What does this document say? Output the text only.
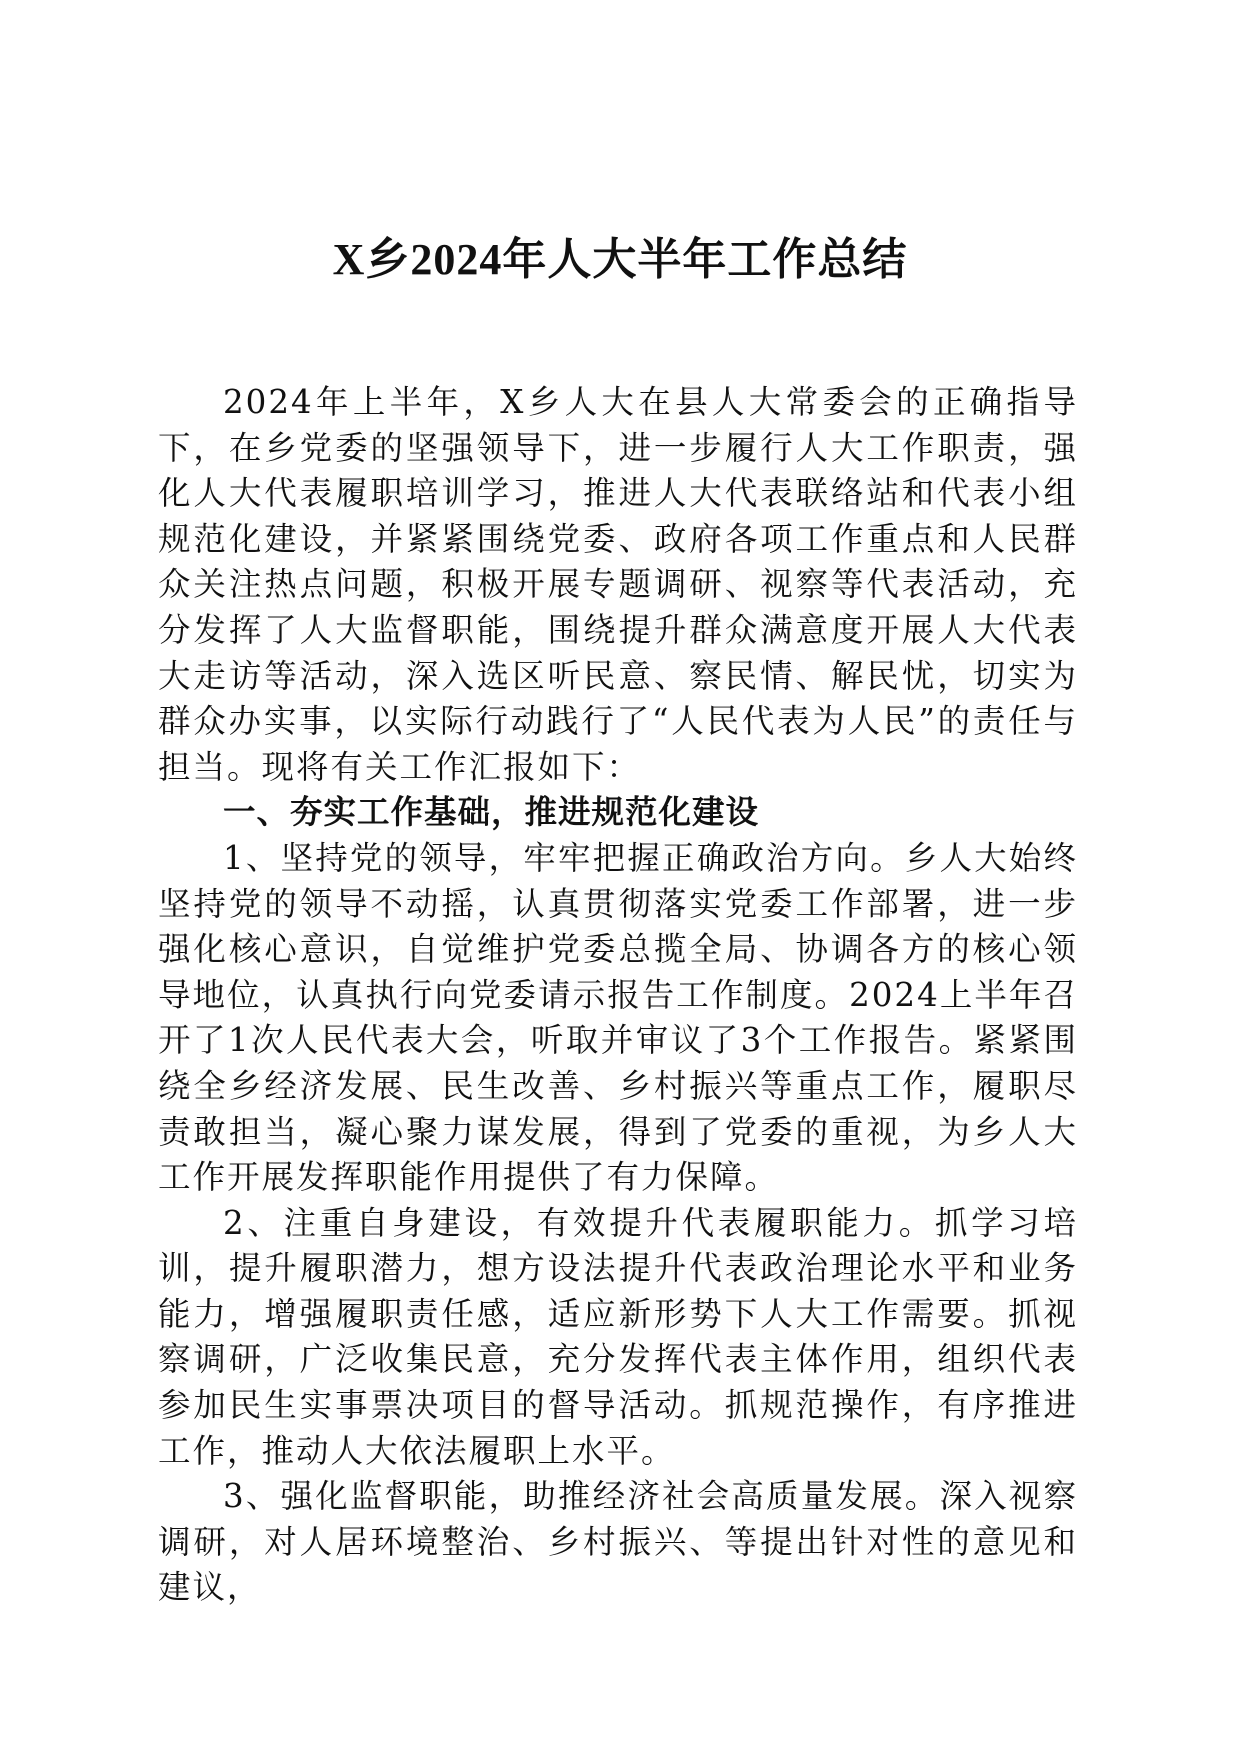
X乡2024年人大半年工作总结

2024年上半年，X乡人大在县人大常委会的正确指导下，在乡党委的坚强领导下，进一步履行人大工作职责，强化人大代表履职培训学习，推进人大代表联络站和代表小组规范化建设，并紧紧围绕党委、政府各项工作重点和人民群众关注热点问题，积极开展专题调研、视察等代表活动，充分发挥了人大监督职能，围绕提升群众满意度开展人大代表大走访等活动，深入选区听民意、察民情、解民忧，切实为群众办实事，以实际行动践行了“人民代表为人民”的责任与担当。现将有关工作汇报如下：

一、夯实工作基础，推进规范化建设

1、坚持党的领导，牢牢把握正确政治方向。乡人大始终坚持党的领导不动摇，认真贯彻落实党委工作部署，进一步强化核心意识，自觉维护党委总揽全局、协调各方的核心领导地位，认真执行向党委请示报告工作制度。2024上半年召开了1次人民代表大会，听取并审议了3个工作报告。紧紧围绕全乡经济发展、民生改善、乡村振兴等重点工作，履职尽责敢担当，凝心聚力谋发展，得到了党委的重视，为乡人大工作开展发挥职能作用提供了有力保障。

2、注重自身建设，有效提升代表履职能力。抓学习培训，提升履职潜力，想方设法提升代表政治理论水平和业务能力，增强履职责任感，适应新形势下人大工作需要。抓视察调研，广泛收集民意，充分发挥代表主体作用，组织代表参加民生实事票决项目的督导活动。抓规范操作，有序推进工作，推动人大依法履职上水平。

3、强化监督职能，助推经济社会高质量发展。深入视察调研，对人居环境整治、乡村振兴、等提出针对性的意见和建议，
